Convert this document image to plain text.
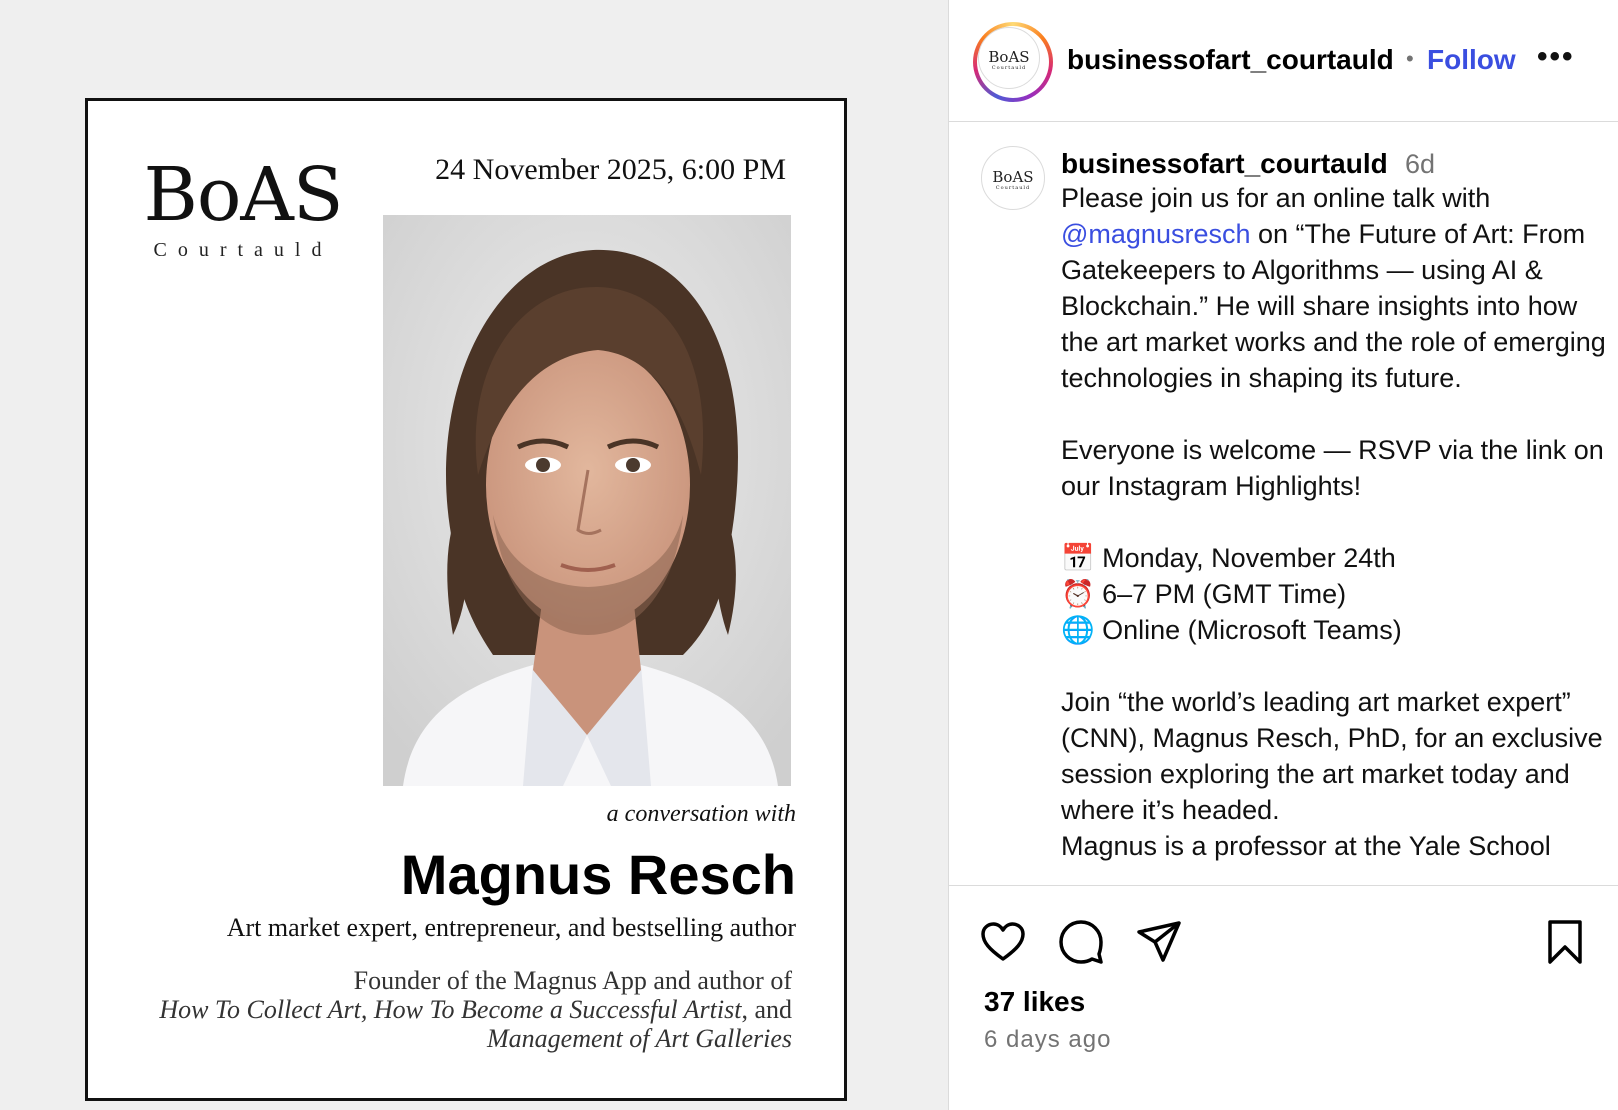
BoAS
Courtauld
24 November 2025, 6:00 PM
a conversation with
Magnus Resch
Art market expert, entrepreneur, and bestselling author
Founder of the Magnus App and author of
How To Collect Art, How To Become a Successful Artist, and
Management of Art Galleries
BoAS
Courtauld	businessofart_courtauld • Follow •••
BoAS
Courtauld
businessofart_courtauld 6d

Please join us for an online talk with
@magnusresch on “The Future of Art: From Gatekeepers to Algorithms — using AI & Blockchain.” He will share insights into how the art market works and the role of emerging technologies in shaping its future.

Everyone is welcome — RSVP via the link on our Instagram Highlights!

📅 Monday, November 24th

⏰ 6–7 PM (GMT Time)

🌐 Online (Microsoft Teams)

Join “the world’s leading art market expert” (CNN), Magnus Resch, PhD, for an exclusive session exploring the art market today and where it’s headed.

Magnus is a professor at the Yale School

37 likes
6 days ago
